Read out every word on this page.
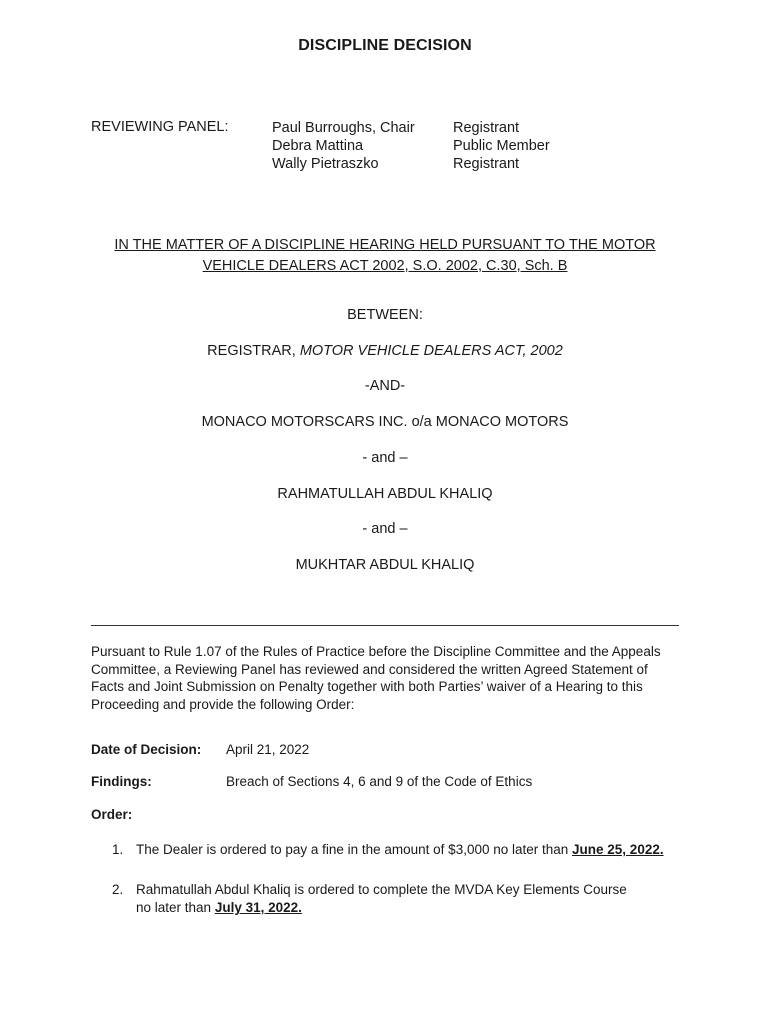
DISCIPLINE DECISION
REVIEWING PANEL:	Paul Burroughs, Chair
Debra Mattina
Wally Pietraszko
Registrant
Public Member
Registrant
IN THE MATTER OF A DISCIPLINE HEARING HELD PURSUANT TO THE MOTOR
VEHICLE DEALERS ACT 2002, S.O. 2002, C.30, Sch. B
BETWEEN:
REGISTRAR, MOTOR VEHICLE DEALERS ACT, 2002
-AND-
MONACO MOTORSCARS INC. o/a MONACO MOTORS
- and –
RAHMATULLAH ABDUL KHALIQ
- and –
MUKHTAR ABDUL KHALIQ
Pursuant to Rule 1.07 of the Rules of Practice before the Discipline Committee and the Appeals
Committee, a Reviewing Panel has reviewed and considered the written Agreed Statement of
Facts and Joint Submission on Penalty together with both Parties’ waiver of a Hearing to this
Proceeding and provide the following Order:
Date of Decision: April 21, 2022
Findings:	Breach of Sections 4, 6 and 9 of the Code of Ethics
Order:
1. The Dealer is ordered to pay a fine in the amount of $3,000 no later than June 25, 2022.
2. Rahmatullah Abdul Khaliq is ordered to complete the MVDA Key Elements Course
no later than July 31, 2022.
